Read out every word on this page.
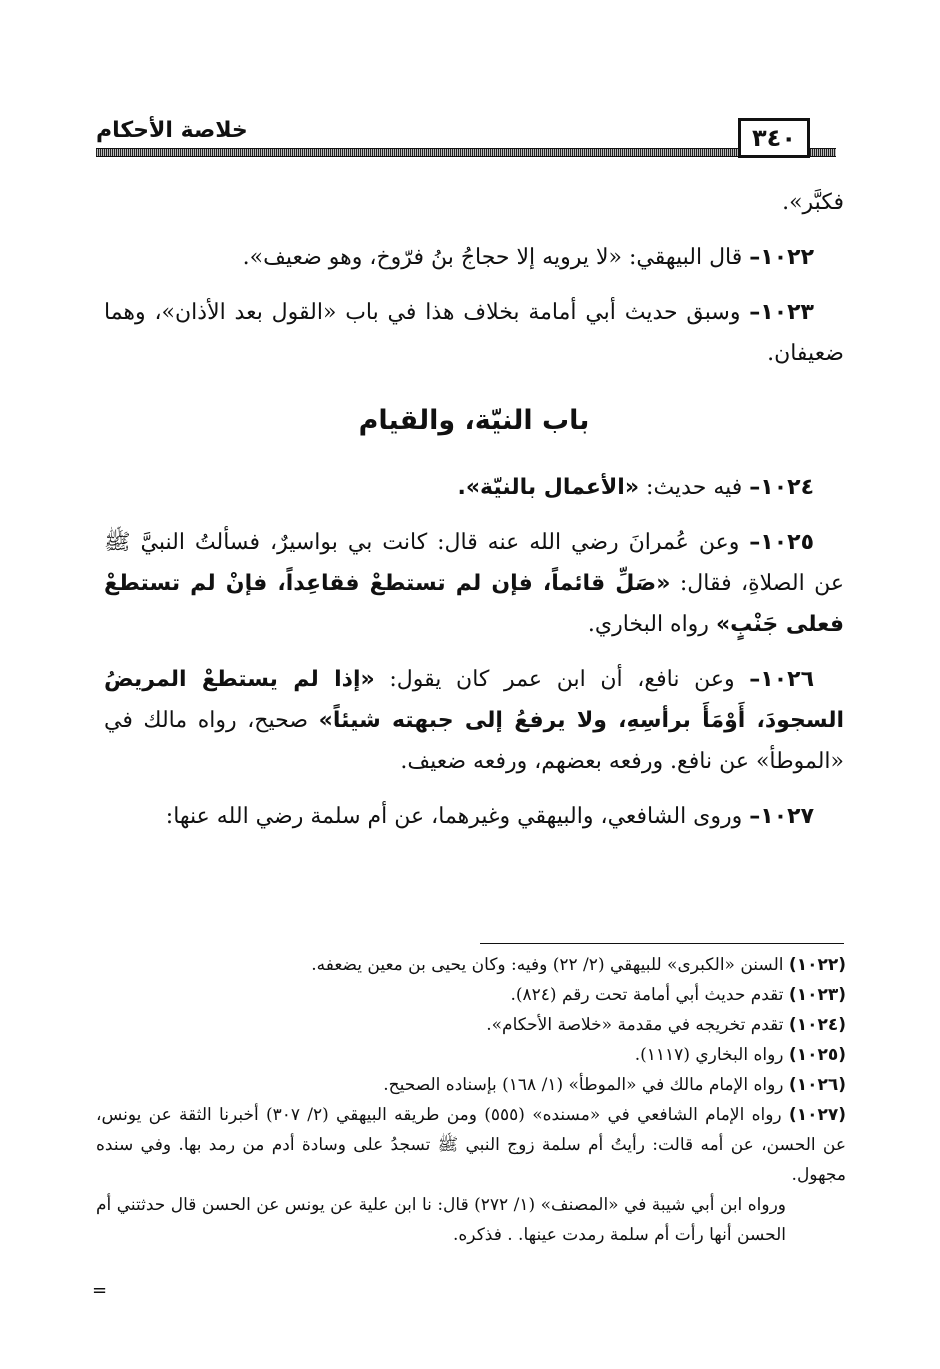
٣٤٠
خلاصة الأحكام

فكبَّر».

١٠٢٢– قال البيهقي: «لا يرويه إلا حجاجُ بنُ فرّوخ، وهو ضعيف».

١٠٢٣– وسبق حديث أبي أمامة بخلاف هذا في باب «القول بعد الأذان»، وهما ضعيفان.

باب النيّة، والقيام

١٠٢٤– فيه حديث: «الأعمال بالنيّة».

١٠٢٥– وعن عُمرانَ رضي الله عنه قال: كانت بي بواسيرٌ، فسألتُ النبيَّ ﷺ عن الصلاةِ، فقال: «صَلِّ قائماً، فإن لم تستطعْ فقاعِداً، فإنْ لم تستطعْ فعلى جَنْبٍ» رواه البخاري.

١٠٢٦– وعن نافع، أن ابن عمر كان يقول: «إذا لم يستطعْ المريضُ السجودَ، أَوْمَأَ برأسِهِ، ولا يرفعُ إلى جبهته شيئاً» صحيح، رواه مالك في «الموطأ» عن نافع. ورفعه بعضهم، ورفعه ضعيف.

١٠٢٧– وروى الشافعي، والبيهقي وغيرهما، عن أم سلمة رضي الله عنها:

(١٠٢٢) السنن «الكبرى» للبيهقي (٢/ ٢٢) وفيه: وكان يحيى بن معين يضعفه.

(١٠٢٣) تقدم حديث أبي أمامة تحت رقم (٨٢٤).

(١٠٢٤) تقدم تخريجه في مقدمة «خلاصة الأحكام».

(١٠٢٥) رواه البخاري (١١١٧).

(١٠٢٦) رواه الإمام مالك في «الموطأ» (١/ ١٦٨) بإسناده الصحيح.

(١٠٢٧) رواه الإمام الشافعي في «مسنده» (٥٥٥) ومن طريقه البيهقي (٢/ ٣٠٧) أخبرنا الثقة عن يونس، عن الحسن، عن أمه قالت: رأيتُ أم سلمة زوج النبي ﷺ تسجدُ على وسادة أدم من رمد بها. وفي سنده مجهول.

ورواه ابن أبي شيبة في «المصنف» (١/ ٢٧٢) قال: نا ابن علية عن يونس عن الحسن قال حدثتني أم الحسن أنها رأت أم سلمة رمدت عينها. . فذكره.

=
